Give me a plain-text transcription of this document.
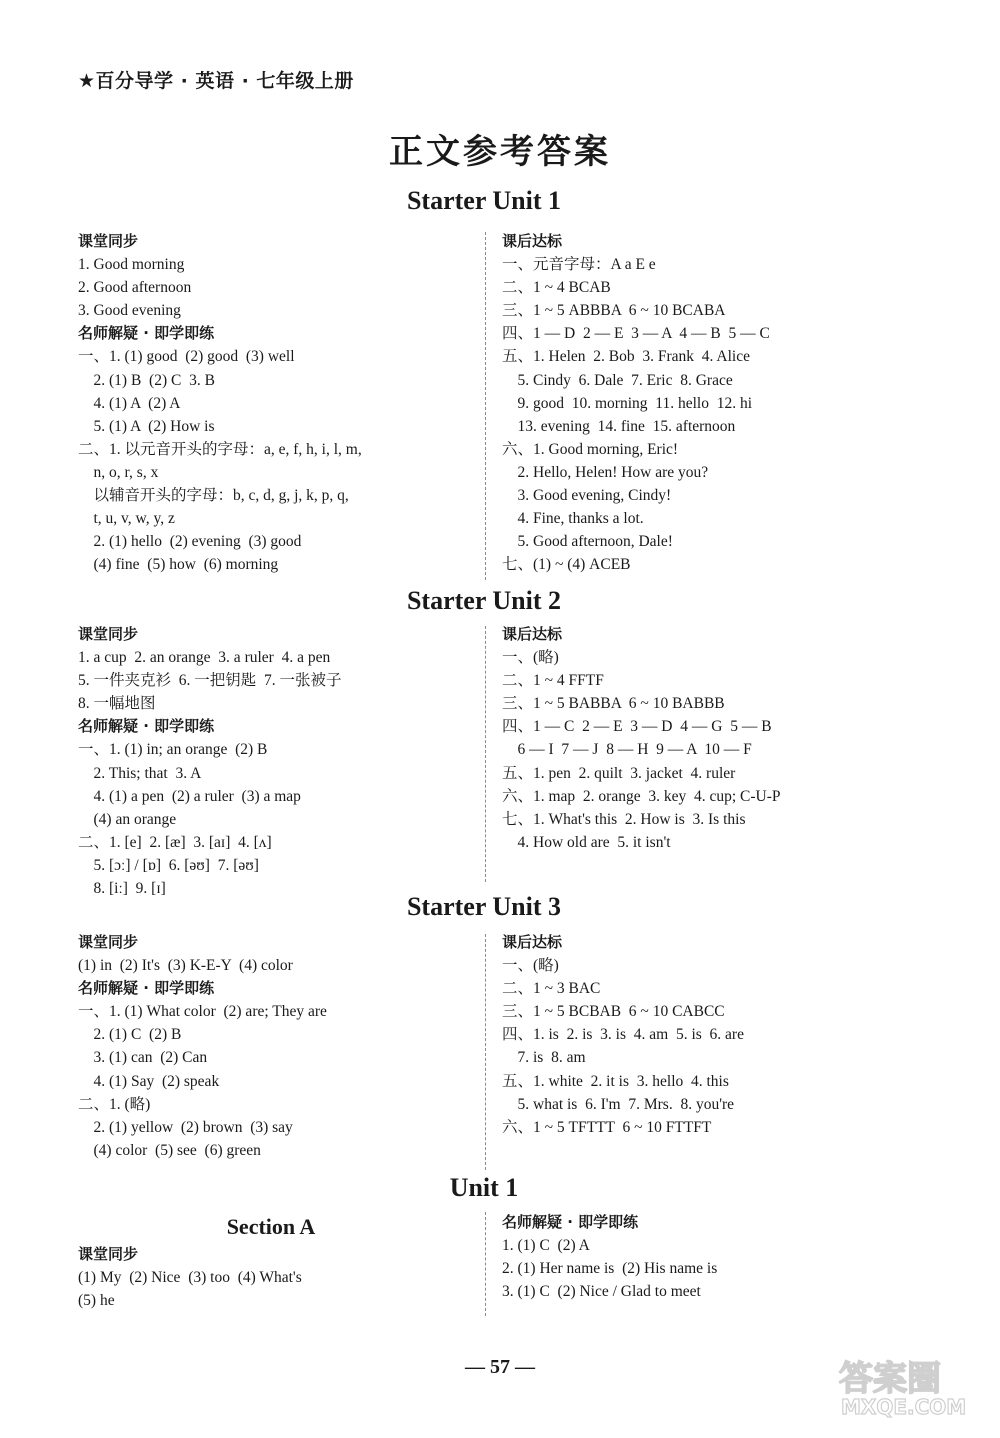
★百分导学 · 英语 · 七年级上册
正文参考答案
Starter Unit 1
课堂同步
1. Good morning
2. Good afternoon
3. Good evening
名师解疑 · 即学即练
一、1. (1) good  (2) good  (3) well
2. (1) B  (2) C  3. B
4. (1) A  (2) A
5. (1) A  (2) How is
二、1. 以元音开头的字母：a, e, f, h, i, l, m,
n, o, r, s, x
以辅音开头的字母：b, c, d, g, j, k, p, q,
t, u, v, w, y, z
2. (1) hello  (2) evening  (3) good
(4) fine  (5) how  (6) morning
课后达标
一、元音字母：A a E e
二、1 ~ 4 BCAB
三、1 ~ 5 ABBBA  6 ~ 10 BCABA
四、1 — D  2 — E  3 — A  4 — B  5 — C
五、1. Helen  2. Bob  3. Frank  4. Alice
5. Cindy  6. Dale  7. Eric  8. Grace
9. good  10. morning  11. hello  12. hi
13. evening  14. fine  15. afternoon
六、1. Good morning, Eric!
2. Hello, Helen! How are you?
3. Good evening, Cindy!
4. Fine, thanks a lot.
5. Good afternoon, Dale!
七、(1) ~ (4) ACEB
Starter Unit 2
课堂同步
1. a cup  2. an orange  3. a ruler  4. a pen
5. 一件夹克衫  6. 一把钥匙  7. 一张被子
8. 一幅地图
名师解疑 · 即学即练
一、1. (1) in; an orange  (2) B
2. This; that  3. A
4. (1) a pen  (2) a ruler  (3) a map
(4) an orange
二、1. [e]  2. [æ]  3. [aɪ]  4. [ʌ]
5. [ɔː] / [ɒ]  6. [əʊ]  7. [əʊ]
8. [iː]  9. [ɪ]
课后达标
一、(略)
二、1 ~ 4 FFTF
三、1 ~ 5 BABBA  6 ~ 10 BABBB
四、1 — C  2 — E  3 — D  4 — G  5 — B
6 — I  7 — J  8 — H  9 — A  10 — F
五、1. pen  2. quilt  3. jacket  4. ruler
六、1. map  2. orange  3. key  4. cup; C-U-P
七、1. What's this  2. How is  3. Is this
4. How old are  5. it isn't
Starter Unit 3
课堂同步
(1) in  (2) It's  (3) K-E-Y  (4) color
名师解疑 · 即学即练
一、1. (1) What color  (2) are; They are
2. (1) C  (2) B
3. (1) can  (2) Can
4. (1) Say  (2) speak
二、1. (略)
2. (1) yellow  (2) brown  (3) say
(4) color  (5) see  (6) green
课后达标
一、(略)
二、1 ~ 3 BAC
三、1 ~ 5 BCBAB  6 ~ 10 CABCC
四、1. is  2. is  3. is  4. am  5. is  6. are
7. is  8. am
五、1. white  2. it is  3. hello  4. this
5. what is  6. I'm  7. Mrs.  8. you're
六、1 ~ 5 TFTTT  6 ~ 10 FTTFT
Unit 1
Section A
课堂同步
(1) My  (2) Nice  (3) too  (4) What's
(5) he
名师解疑 · 即学即练
1. (1) C  (2) A
2. (1) Her name is  (2) His name is
3. (1) C  (2) Nice / Glad to meet
— 57 —	答案圈
MXQE.COM
